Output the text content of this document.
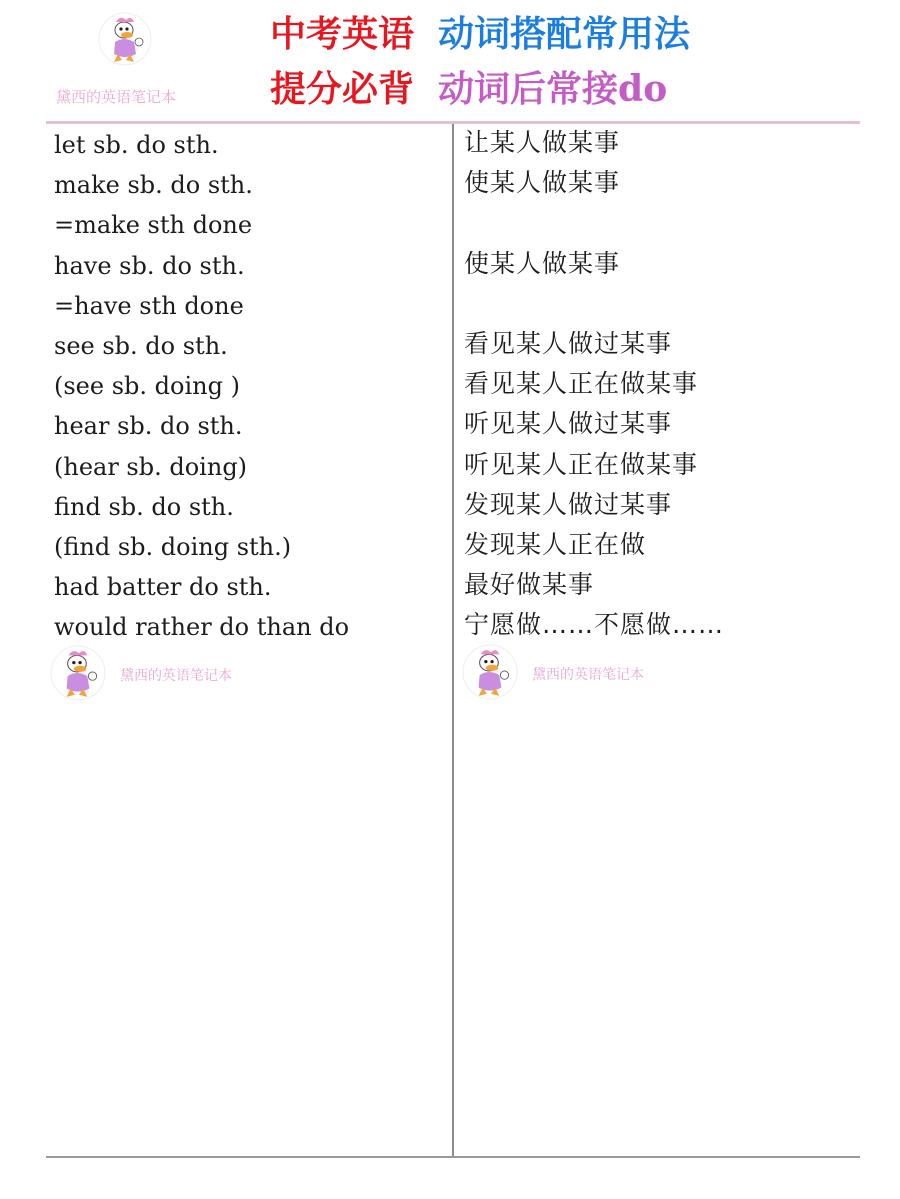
黛西的英语笔记本
中考英语 动词搭配常用法
提分必背 动词后常接do
let sb. do sth.	让某人做某事
make sb. do sth.	使某人做某事
=make sth done
have sb. do sth.	使某人做某事
=have sth done
see sb. do sth.	看见某人做过某事
(see sb. doing )	看见某人正在做某事
hear sb. do sth.	听见某人做过某事
(hear sb. doing)	听见某人正在做某事
find sb. do sth.	发现某人做过某事
(find sb. doing sth.)	发现某人正在做
had batter do sth.	最好做某事
would rather do than do	宁愿做……不愿做……
黛西的英语笔记本	黛西的英语笔记本
